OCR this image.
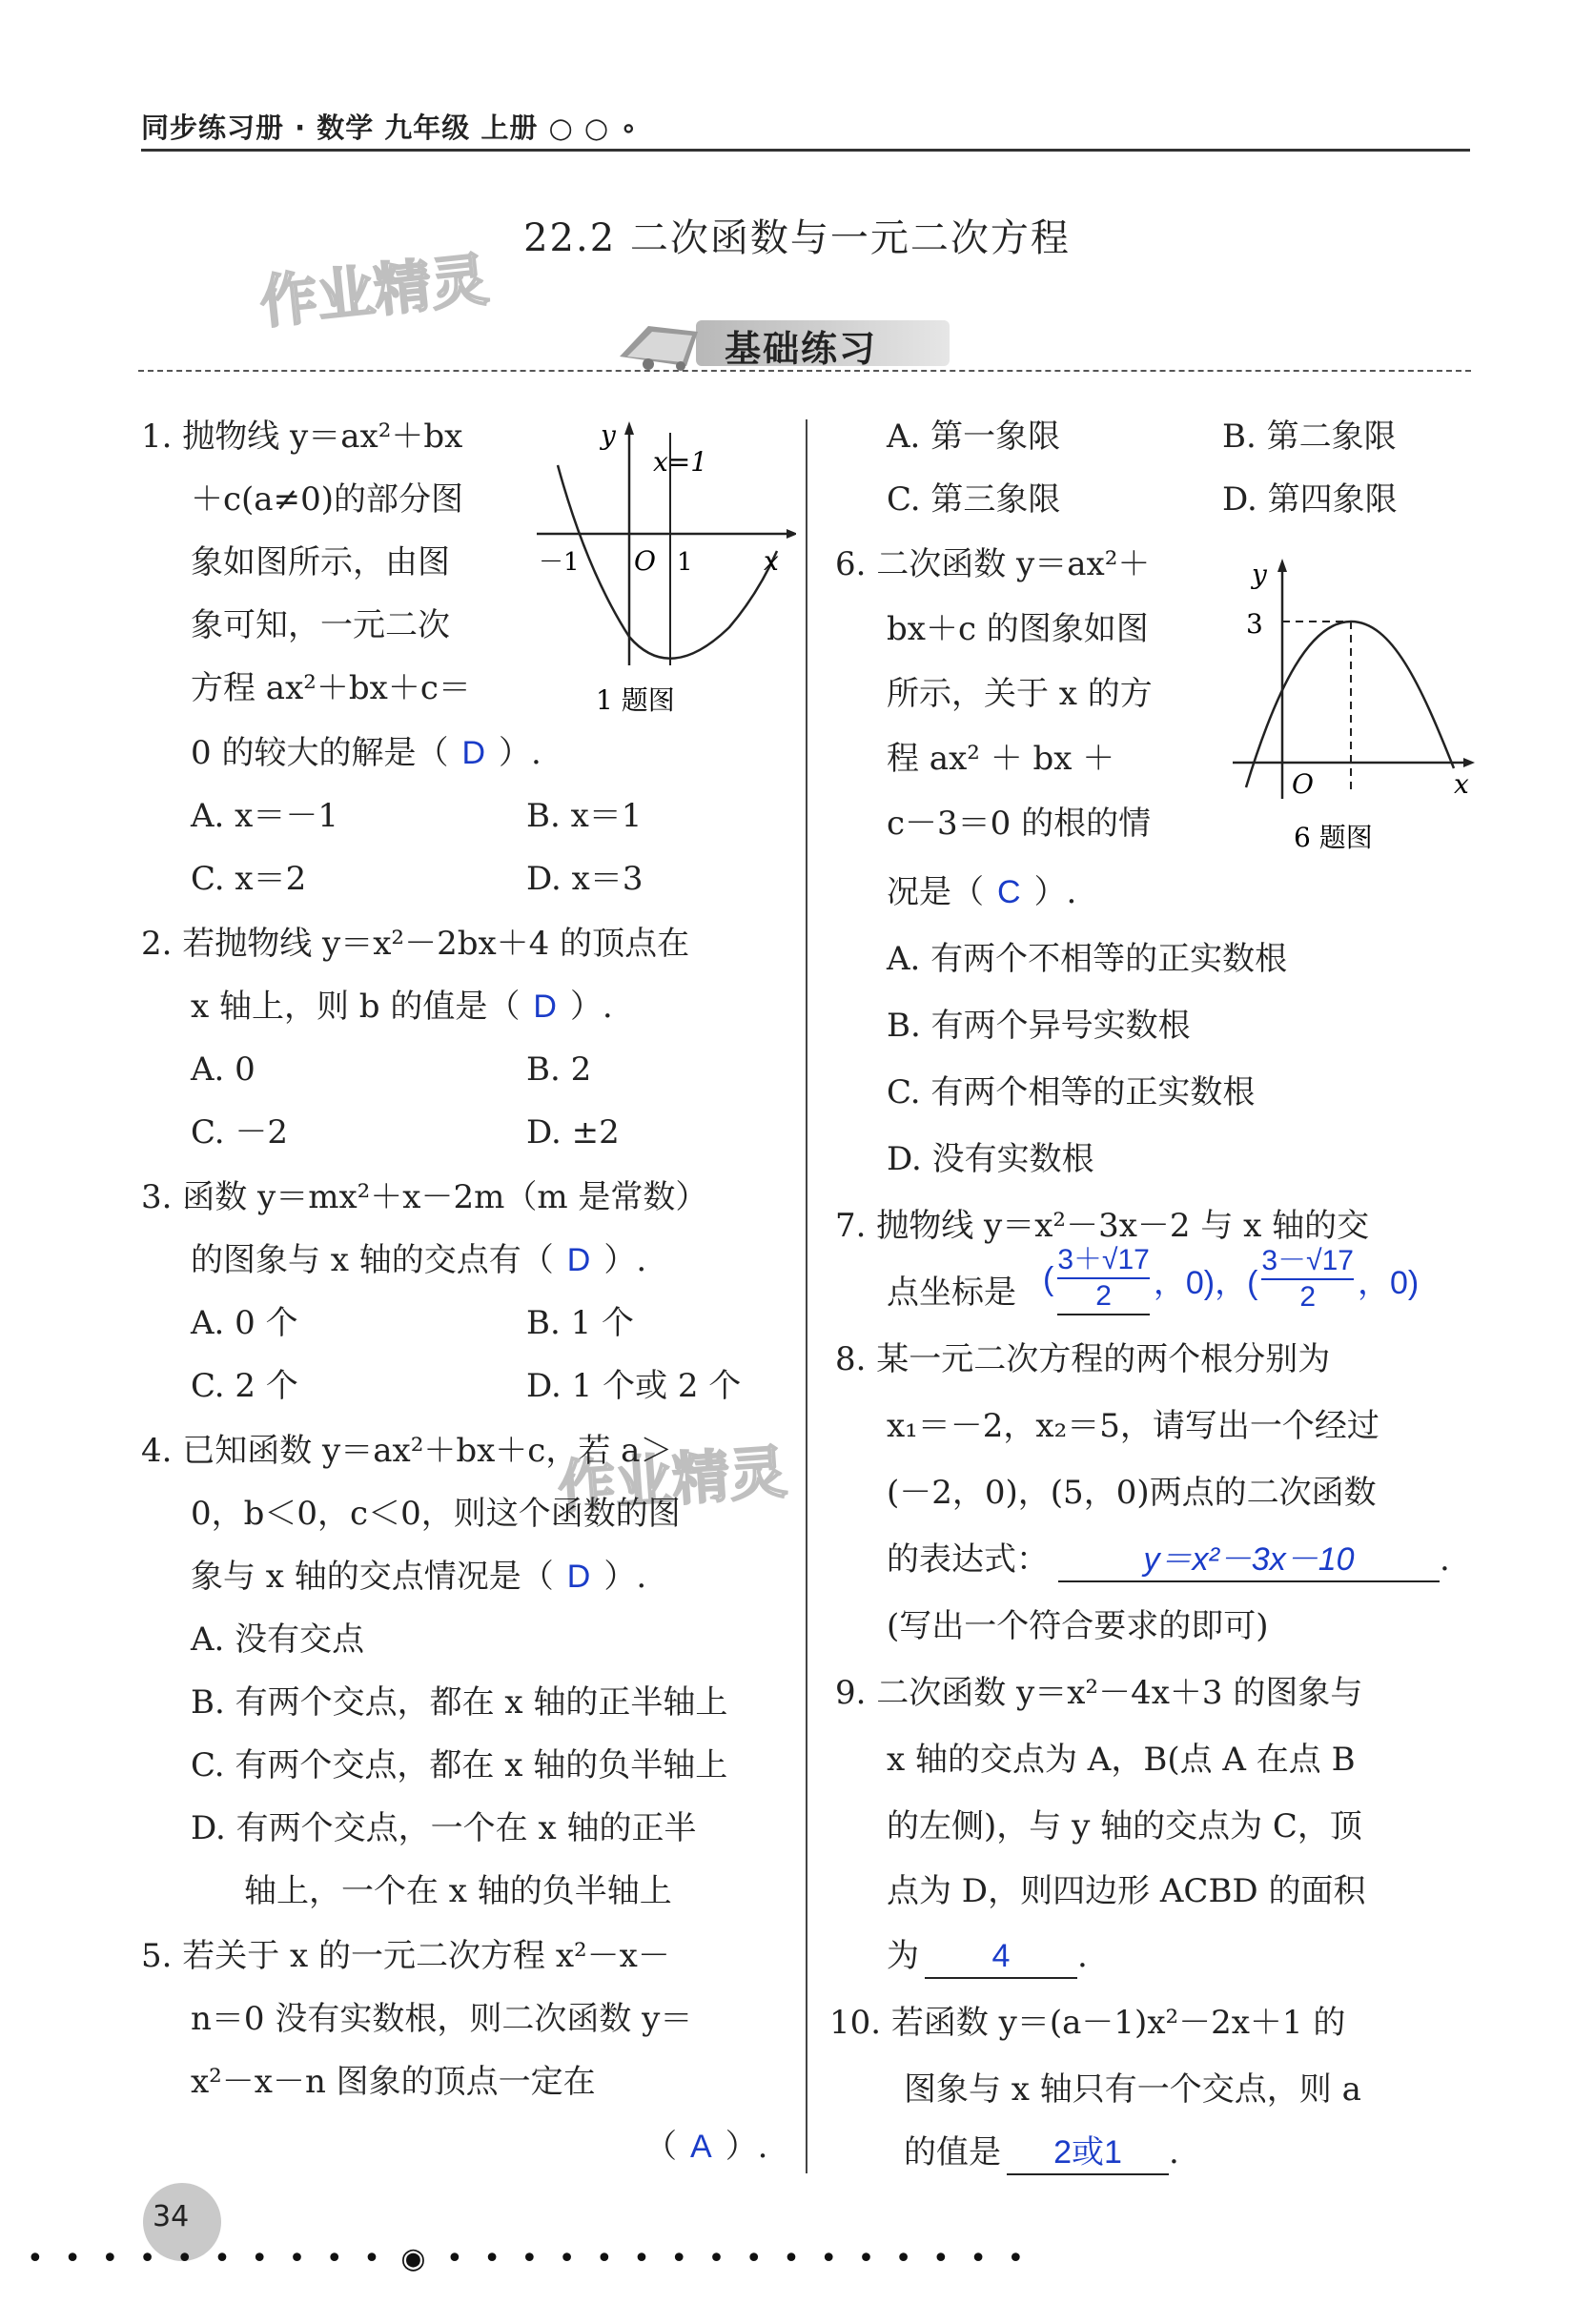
同步练习册 · 数学 九年级 上册 ○ ○ ∘
22.2 二次函数与一元二次方程
作业精灵
作业精灵
基础练习
1. 抛物线 y＝ax²＋bx
＋c(a≠0)的部分图
象如图所示，由图
象可知，一元二次
方程 ax²＋bx＋c＝
0 的较大的解是（ D ）.
A. x＝－1	B. x＝1
C. x＝2	D. x＝3
y
x=1
－1 O 1	x
1 题图
2. 若抛物线 y＝x²－2bx＋4 的顶点在
x 轴上，则 b 的值是（ D ）.
A. 0	B. 2
C. －2	D. ±2
3. 函数 y＝mx²＋x－2m（m 是常数）
的图象与 x 轴的交点有（ D ）.
A. 0 个	B. 1 个
C. 2 个	D. 1 个或 2 个
4. 已知函数 y＝ax²＋bx＋c，若 a＞
0，b＜0，c＜0，则这个函数的图
象与 x 轴的交点情况是（ D ）.
A. 没有交点
B. 有两个交点，都在 x 轴的正半轴上
C. 有两个交点，都在 x 轴的负半轴上
D. 有两个交点，一个在 x 轴的正半
轴上，一个在 x 轴的负半轴上
5. 若关于 x 的一元二次方程 x²－x－
n＝0 没有实数根，则二次函数 y＝
x²－x－n 图象的顶点一定在
（ A ）.
A. 第一象限	B. 第二象限
C. 第三象限	D. 第四象限
6. 二次函数 y＝ax²＋
bx＋c 的图象如图
所示，关于 x 的方
程 ax² ＋ bx ＋
c－3＝0 的根的情
况是（ C ）.
A. 有两个不相等的正实数根
B. 有两个异号实数根
C. 有两个相等的正实数根
D. 没有实数根
y
3
O	x
6 题图
7. 抛物线 y＝x²－3x－2 与 x 轴的交
点坐标是 ( $\frac{3+√17}{2}$ ，0)，( $\frac{3-√17}{2}$ ，0)
8. 某一元二次方程的两个根分别为
x₁＝－2，x₂＝5，请写出一个经过
(－2，0)，(5，0)两点的二次函数
的表达式：	y＝x²－3x－10	.
(写出一个符合要求的即可)
9. 二次函数 y＝x²－4x＋3 的图象与
x 轴的交点为 A，B(点 A 在点 B
的左侧)，与 y 轴的交点为 C，顶
点为 D，则四边形 ACBD 的面积
为 4 .
10. 若函数 y＝(a－1)x²－2x＋1 的
图象与 x 轴只有一个交点，则 a
的值是 2或1 .
34
• • • • • • • • • • ◉ • • • • • • • • • • • • • • • •
